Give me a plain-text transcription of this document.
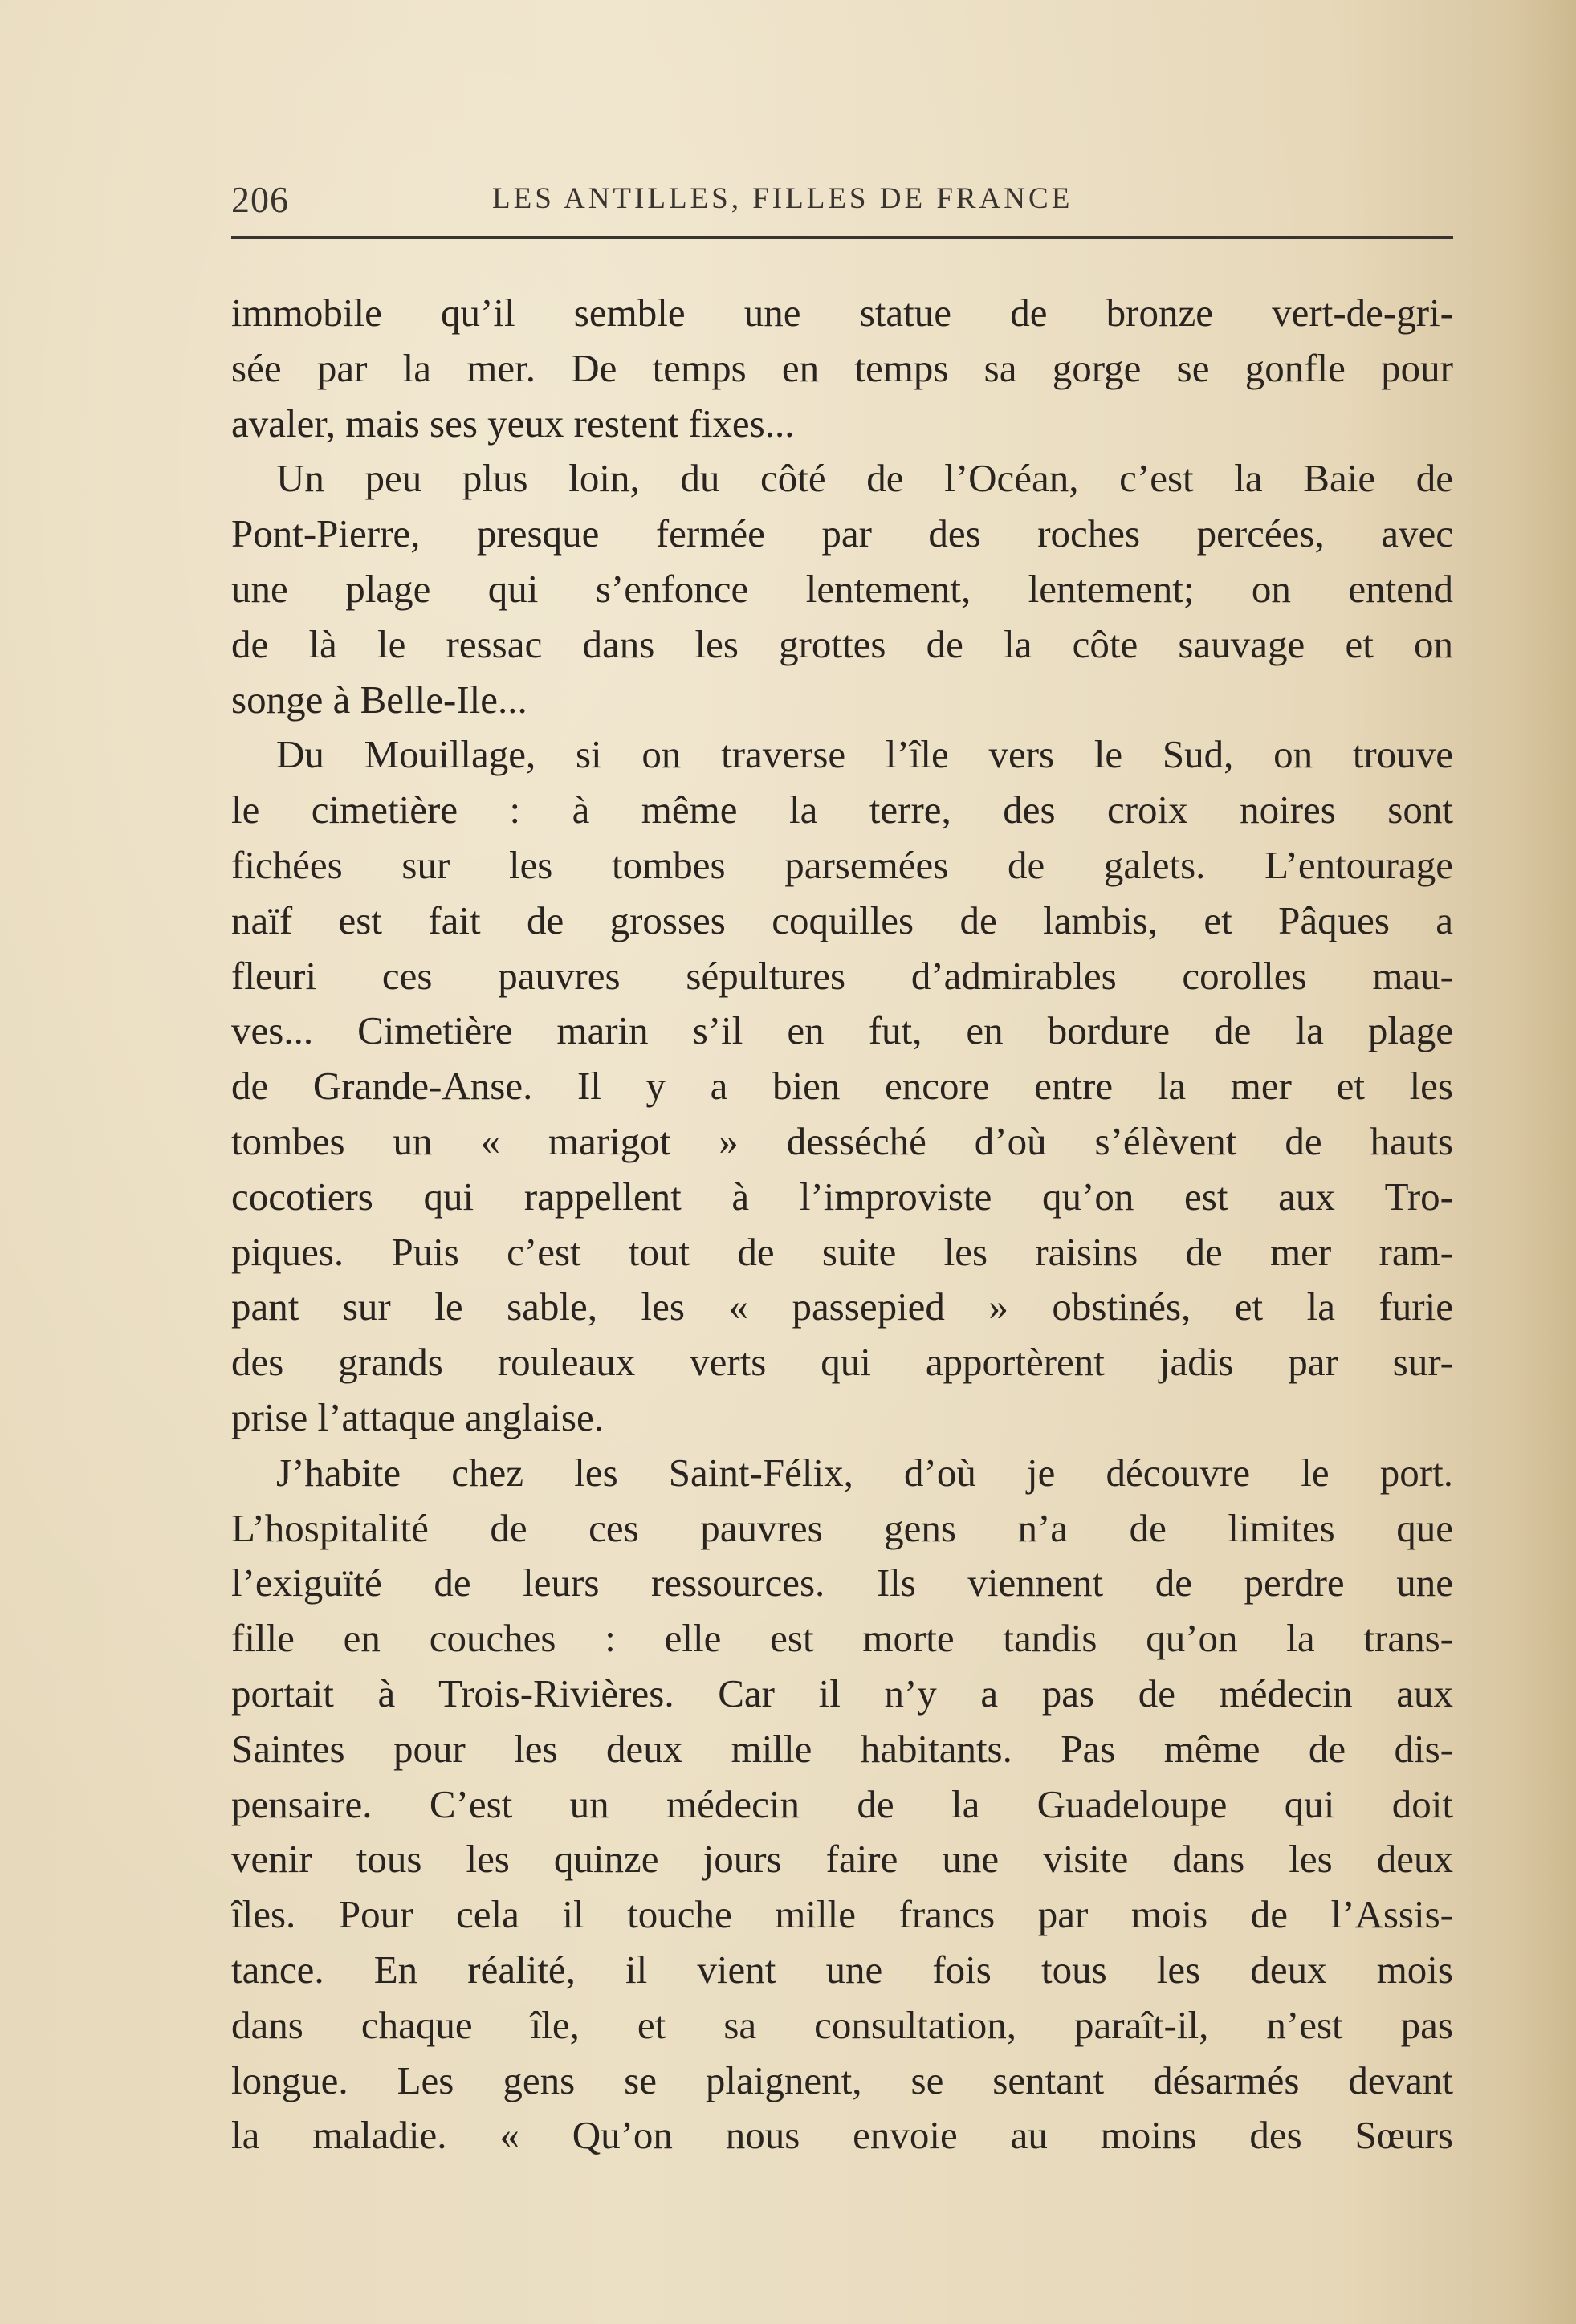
206	LES ANTILLES, FILLES DE FRANCE
immobile qu’il semble une statue de bronze vert-de-gri-
sée par la mer. De temps en temps sa gorge se gonfle pour
avaler, mais ses yeux restent fixes...
Un peu plus loin, du côté de l’Océan, c’est la Baie de
Pont-Pierre, presque fermée par des roches percées, avec
une plage qui s’enfonce lentement, lentement; on entend
de là le ressac dans les grottes de la côte sauvage et on
songe à Belle-Ile...
Du Mouillage, si on traverse l’île vers le Sud, on trouve
le cimetière : à même la terre, des croix noires sont
fichées sur les tombes parsemées de galets. L’entourage
naïf est fait de grosses coquilles de lambis, et Pâques a
fleuri ces pauvres sépultures d’admirables corolles mau-
ves... Cimetière marin s’il en fut, en bordure de la plage
de Grande-Anse. Il y a bien encore entre la mer et les
tombes un « marigot » desséché d’où s’élèvent de hauts
cocotiers qui rappellent à l’improviste qu’on est aux Tro-
piques. Puis c’est tout de suite les raisins de mer ram-
pant sur le sable, les « passepied » obstinés, et la furie
des grands rouleaux verts qui apportèrent jadis par sur-
prise l’attaque anglaise.
J’habite chez les Saint-Félix, d’où je découvre le port.
L’hospitalité de ces pauvres gens n’a de limites que
l’exiguïté de leurs ressources. Ils viennent de perdre une
fille en couches : elle est morte tandis qu’on la trans-
portait à Trois-Rivières. Car il n’y a pas de médecin aux
Saintes pour les deux mille habitants. Pas même de dis-
pensaire. C’est un médecin de la Guadeloupe qui doit
venir tous les quinze jours faire une visite dans les deux
îles. Pour cela il touche mille francs par mois de l’Assis-
tance. En réalité, il vient une fois tous les deux mois
dans chaque île, et sa consultation, paraît-il, n’est pas
longue. Les gens se plaignent, se sentant désarmés devant
la maladie. « Qu’on nous envoie au moins des Sœurs
